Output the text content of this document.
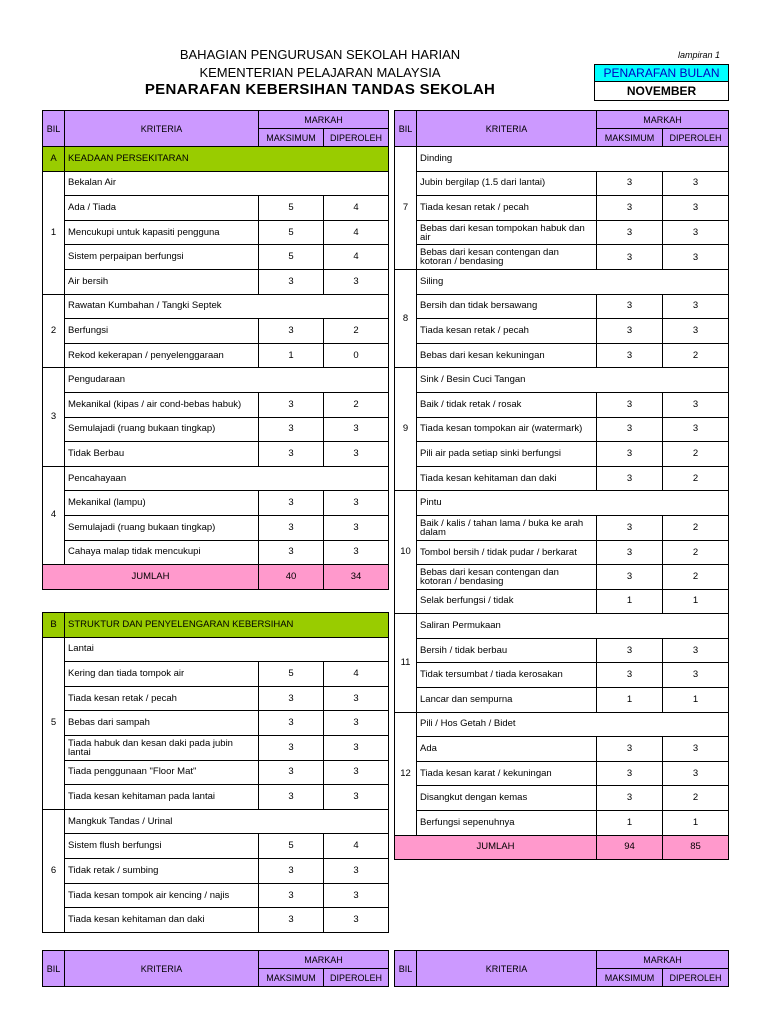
BAHAGIAN PENGURUSAN SEKOLAH HARIAN
KEMENTERIAN PELAJARAN MALAYSIA
PENARAFAN KEBERSIHAN TANDAS SEKOLAH
lampiran 1
PENARAFAN BULAN
NOVEMBER
BIL	KRITERIA	MARKAH	
		MAKSIMUM	DIPEROLEH
A	KEADAAN PERSEKITARAN		
1	Bekalan Air		
	Ada / Tiada	5	4
	Mencukupi untuk kapasiti pengguna	5	4
	Sistem perpaipan berfungsi	5	4
	Air bersih	3	3
2	Rawatan Kumbahan / Tangki Septek		
	Berfungsi	3	2
	Rekod kekerapan / penyelenggaraan	1	0
3	Pengudaraan		
	Mekanikal (kipas / air cond-bebas habuk)	3	2
	Semulajadi (ruang bukaan tingkap)	3	3
	Tidak Berbau	3	3
4	Pencahayaan		
	Mekanikal (lampu)	3	3
	Semulajadi (ruang bukaan tingkap)	3	3
	Cahaya malap tidak mencukupi	3	3
JUMLAH		40	34
B	STRUKTUR DAN PENYELENGARAN KEBERSIHAN		
5	Lantai		
	Kering dan tiada tompok air	5	4
	Tiada kesan retak / pecah	3	3
	Bebas dari sampah	3	3
	Tiada habuk dan kesan daki pada jubin lantai	3	3
	Tiada penggunaan "Floor Mat"	3	3
	Tiada kesan kehitaman pada lantai	3	3
6	Mangkuk Tandas / Urinal		
	Sistem flush berfungsi	5	4
	Tidak retak / sumbing	3	3
	Tiada kesan tompok air kencing / najis	3	3
	Tiada kesan kehitaman dan daki	3	3
BIL	KRITERIA	MARKAH	
		MAKSIMUM	DIPEROLEH
7	Dinding		
	Jubin bergilap (1.5 dari lantai)	3	3
	Tiada kesan retak / pecah	3	3
	Bebas dari kesan tompokan habuk dan air	3	3
	Bebas dari kesan contengan dan kotoran / bendasing	3	3
8	Siling		
	Bersih dan tidak bersawang	3	3
	Tiada kesan retak / pecah	3	3
	Bebas dari kesan kekuningan	3	2
9	Sink / Besin Cuci Tangan		
	Baik / tidak retak / rosak	3	3
	Tiada kesan tompokan air (watermark)	3	3
	Pili air pada setiap sinki berfungsi	3	2
	Tiada kesan kehitaman dan daki	3	2
10	Pintu		
	Baik / kalis / tahan lama / buka ke arah dalam	3	2
	Tombol bersih / tidak pudar / berkarat	3	2
	Bebas dari kesan contengan dan kotoran / bendasing	3	2
	Selak berfungsi / tidak	1	1
11	Saliran Permukaan		
	Bersih / tidak berbau	3	3
	Tidak tersumbat / tiada kerosakan	3	3
	Lancar dan sempurna	1	1
12	Pili / Hos Getah / Bidet		
	Ada	3	3
	Tiada kesan karat / kekuningan	3	3
	Disangkut dengan kemas	3	2
	Berfungsi sepenuhnya	1	1
JUMLAH		94	85
BIL	KRITERIA	MARKAH	
		MAKSIMUM	DIPEROLEH
BIL	KRITERIA	MARKAH	
		MAKSIMUM	DIPEROLEH
